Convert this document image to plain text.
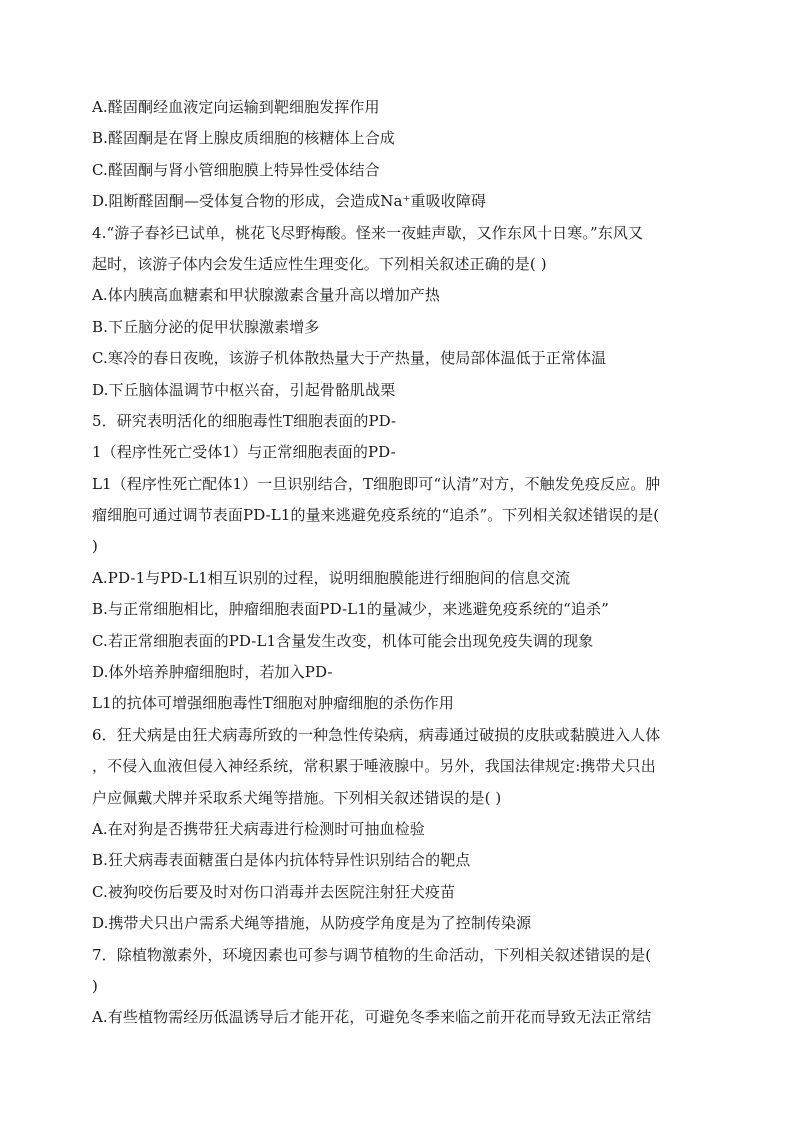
A.醛固酮经血液定向运输到靶细胞发挥作用
B.醛固酮是在肾上腺皮质细胞的核糖体上合成
C.醛固酮与肾小管细胞膜上特异性受体结合
D.阻断醛固酮—受体复合物的形成，会造成Na⁺重吸收障碍
4.“游子春衫已试单，桃花飞尽野梅酸。怪来一夜蛙声歇，又作东风十日寒。”东风又
起时，该游子体内会发生适应性生理变化。下列相关叙述正确的是( )
A.体内胰高血糖素和甲状腺激素含量升高以增加产热
B.下丘脑分泌的促甲状腺激素增多
C.寒冷的春日夜晚，该游子机体散热量大于产热量，使局部体温低于正常体温
D.下丘脑体温调节中枢兴奋，引起骨骼肌战栗
5．研究表明活化的细胞毒性T细胞表面的PD-
1（程序性死亡受体1）与正常细胞表面的PD-
L1（程序性死亡配体1）一旦识别结合，T细胞即可“认清”对方，不触发免疫反应。肿
瘤细胞可通过调节表面PD-L1的量来逃避免疫系统的“追杀”。下列相关叙述错误的是(
)
A.PD-1与PD-L1相互识别的过程，说明细胞膜能进行细胞间的信息交流
B.与正常细胞相比，肿瘤细胞表面PD-L1的量减少，来逃避免疫系统的“追杀”
C.若正常细胞表面的PD-L1含量发生改变，机体可能会出现免疫失调的现象
D.体外培养肿瘤细胞时，若加入PD-
L1的抗体可增强细胞毒性T细胞对肿瘤细胞的杀伤作用
6．狂犬病是由狂犬病毒所致的一种急性传染病，病毒通过破损的皮肤或黏膜进入人体
，不侵入血液但侵入神经系统，常积累于唾液腺中。另外，我国法律规定:携带犬只出
户应佩戴犬牌并采取系犬绳等措施。下列相关叙述错误的是( )
A.在对狗是否携带狂犬病毒进行检测时可抽血检验
B.狂犬病毒表面糖蛋白是体内抗体特异性识别结合的靶点
C.被狗咬伤后要及时对伤口消毒并去医院注射狂犬疫苗
D.携带犬只出户需系犬绳等措施，从防疫学角度是为了控制传染源
7．除植物激素外，环境因素也可参与调节植物的生命活动，下列相关叙述错误的是(
)
A.有些植物需经历低温诱导后才能开花，可避免冬季来临之前开花而导致无法正常结
